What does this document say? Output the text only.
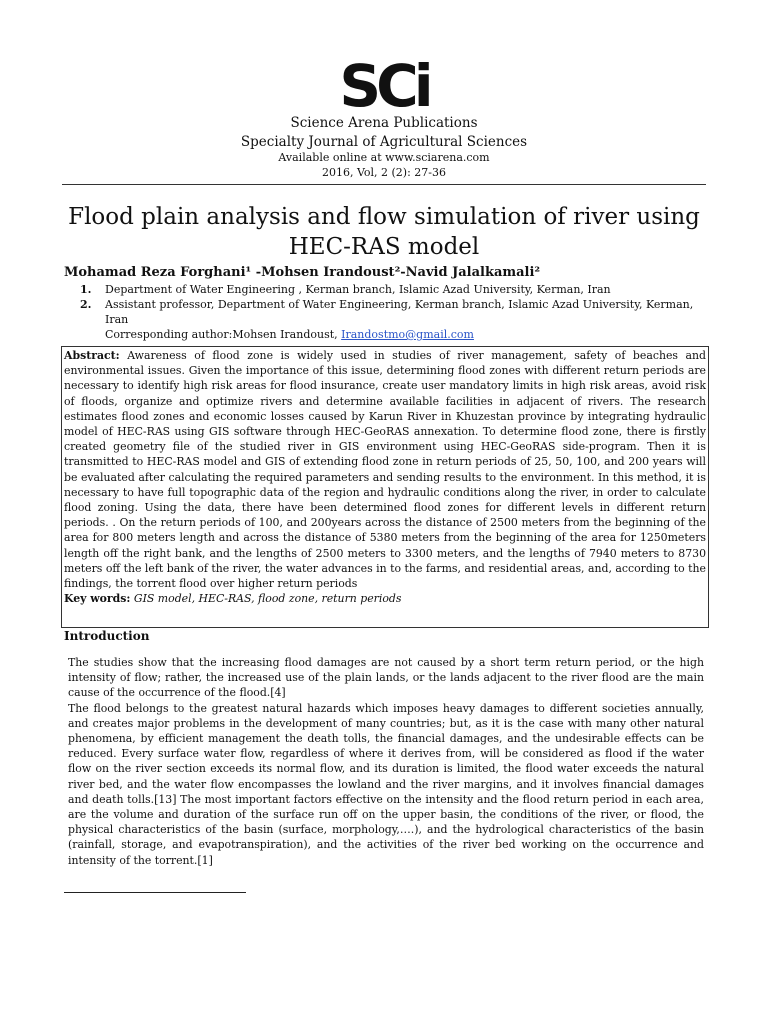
SCi
Science Arena Publications
Specialty Journal of Agricultural Sciences
Available online at www.sciarena.com
2016, Vol, 2 (2): 27-36
Flood plain analysis and flow simulation of river using
HEC-RAS model
Mohamad Reza Forghani¹ -Mohsen Irandoust²-Navid Jalalkamali²
1.	Department of Water Engineering , Kerman branch, Islamic Azad University, Kerman, Iran
2.	Assistant professor, Department of Water Engineering, Kerman branch, Islamic Azad University, Kerman, Iran
Corresponding author:Mohsen Irandoust, Irandostmo@gmail.com
Abstract: Awareness of flood zone is widely used in studies of river management, safety of beaches and environmental issues. Given the importance of this issue, determining flood zones with different return periods are necessary to identify high risk areas for flood insurance, create user mandatory limits in high risk areas, avoid risk of floods, organize and optimize rivers and determine available facilities in adjacent of rivers. The research estimates flood zones and economic losses caused by Karun River in Khuzestan province by integrating hydraulic model of HEC-RAS using GIS software through HEC-GeoRAS annexation. To determine flood zone, there is firstly created geometry file of the studied river in GIS environment using HEC-GeoRAS side-program. Then it is transmitted to HEC-RAS model and GIS of extending flood zone in return periods of 25, 50, 100, and 200 years will be evaluated after calculating the required parameters and sending results to the environment. In this method, it is necessary to have full topographic data of the region and hydraulic conditions along the river, in order to calculate flood zoning. Using the data, there have been determined flood zones for different levels in different return periods. . On the return periods of 100, and 200years across the distance of 2500 meters from the beginning of the area for 800 meters length and across the distance of 5380 meters from the beginning of the area for 1250meters length off the right bank, and the lengths of 2500 meters to 3300 meters, and the lengths of 7940 meters to 8730 meters off the left bank of the river, the water advances in to the farms, and residential areas, and, according to the findings, the torrent flood over higher return periods
Key words: GIS model, HEC-RAS, flood zone, return periods
Introduction

The studies show that the increasing flood damages are not caused by a short term return period, or the high intensity of flow; rather, the increased use of the plain lands, or the lands adjacent to the river flood are the main cause of the occurrence of the flood.[4]

The flood belongs to the greatest natural hazards which imposes heavy damages to different societies annually, and creates major problems in the development of many countries; but, as it is the case with many other natural phenomena, by efficient management the death tolls, the financial damages, and the undesirable effects can be reduced. Every surface water flow, regardless of where it derives from, will be considered as flood if the water flow on the river section exceeds its normal flow, and its duration is limited, the flood water exceeds the natural river bed, and the water flow encompasses the lowland and the river margins, and it involves financial damages and death tolls.[13] The most important factors effective on the intensity and the flood return period in each area, are the volume and duration of the surface run off on the upper basin, the conditions of the river, or flood, the physical characteristics of the basin (surface, morphology,….), and the hydrological characteristics of the basin (rainfall, storage, and evapotranspiration), and the activities of the river bed working on the occurrence and intensity of the torrent.[1]
